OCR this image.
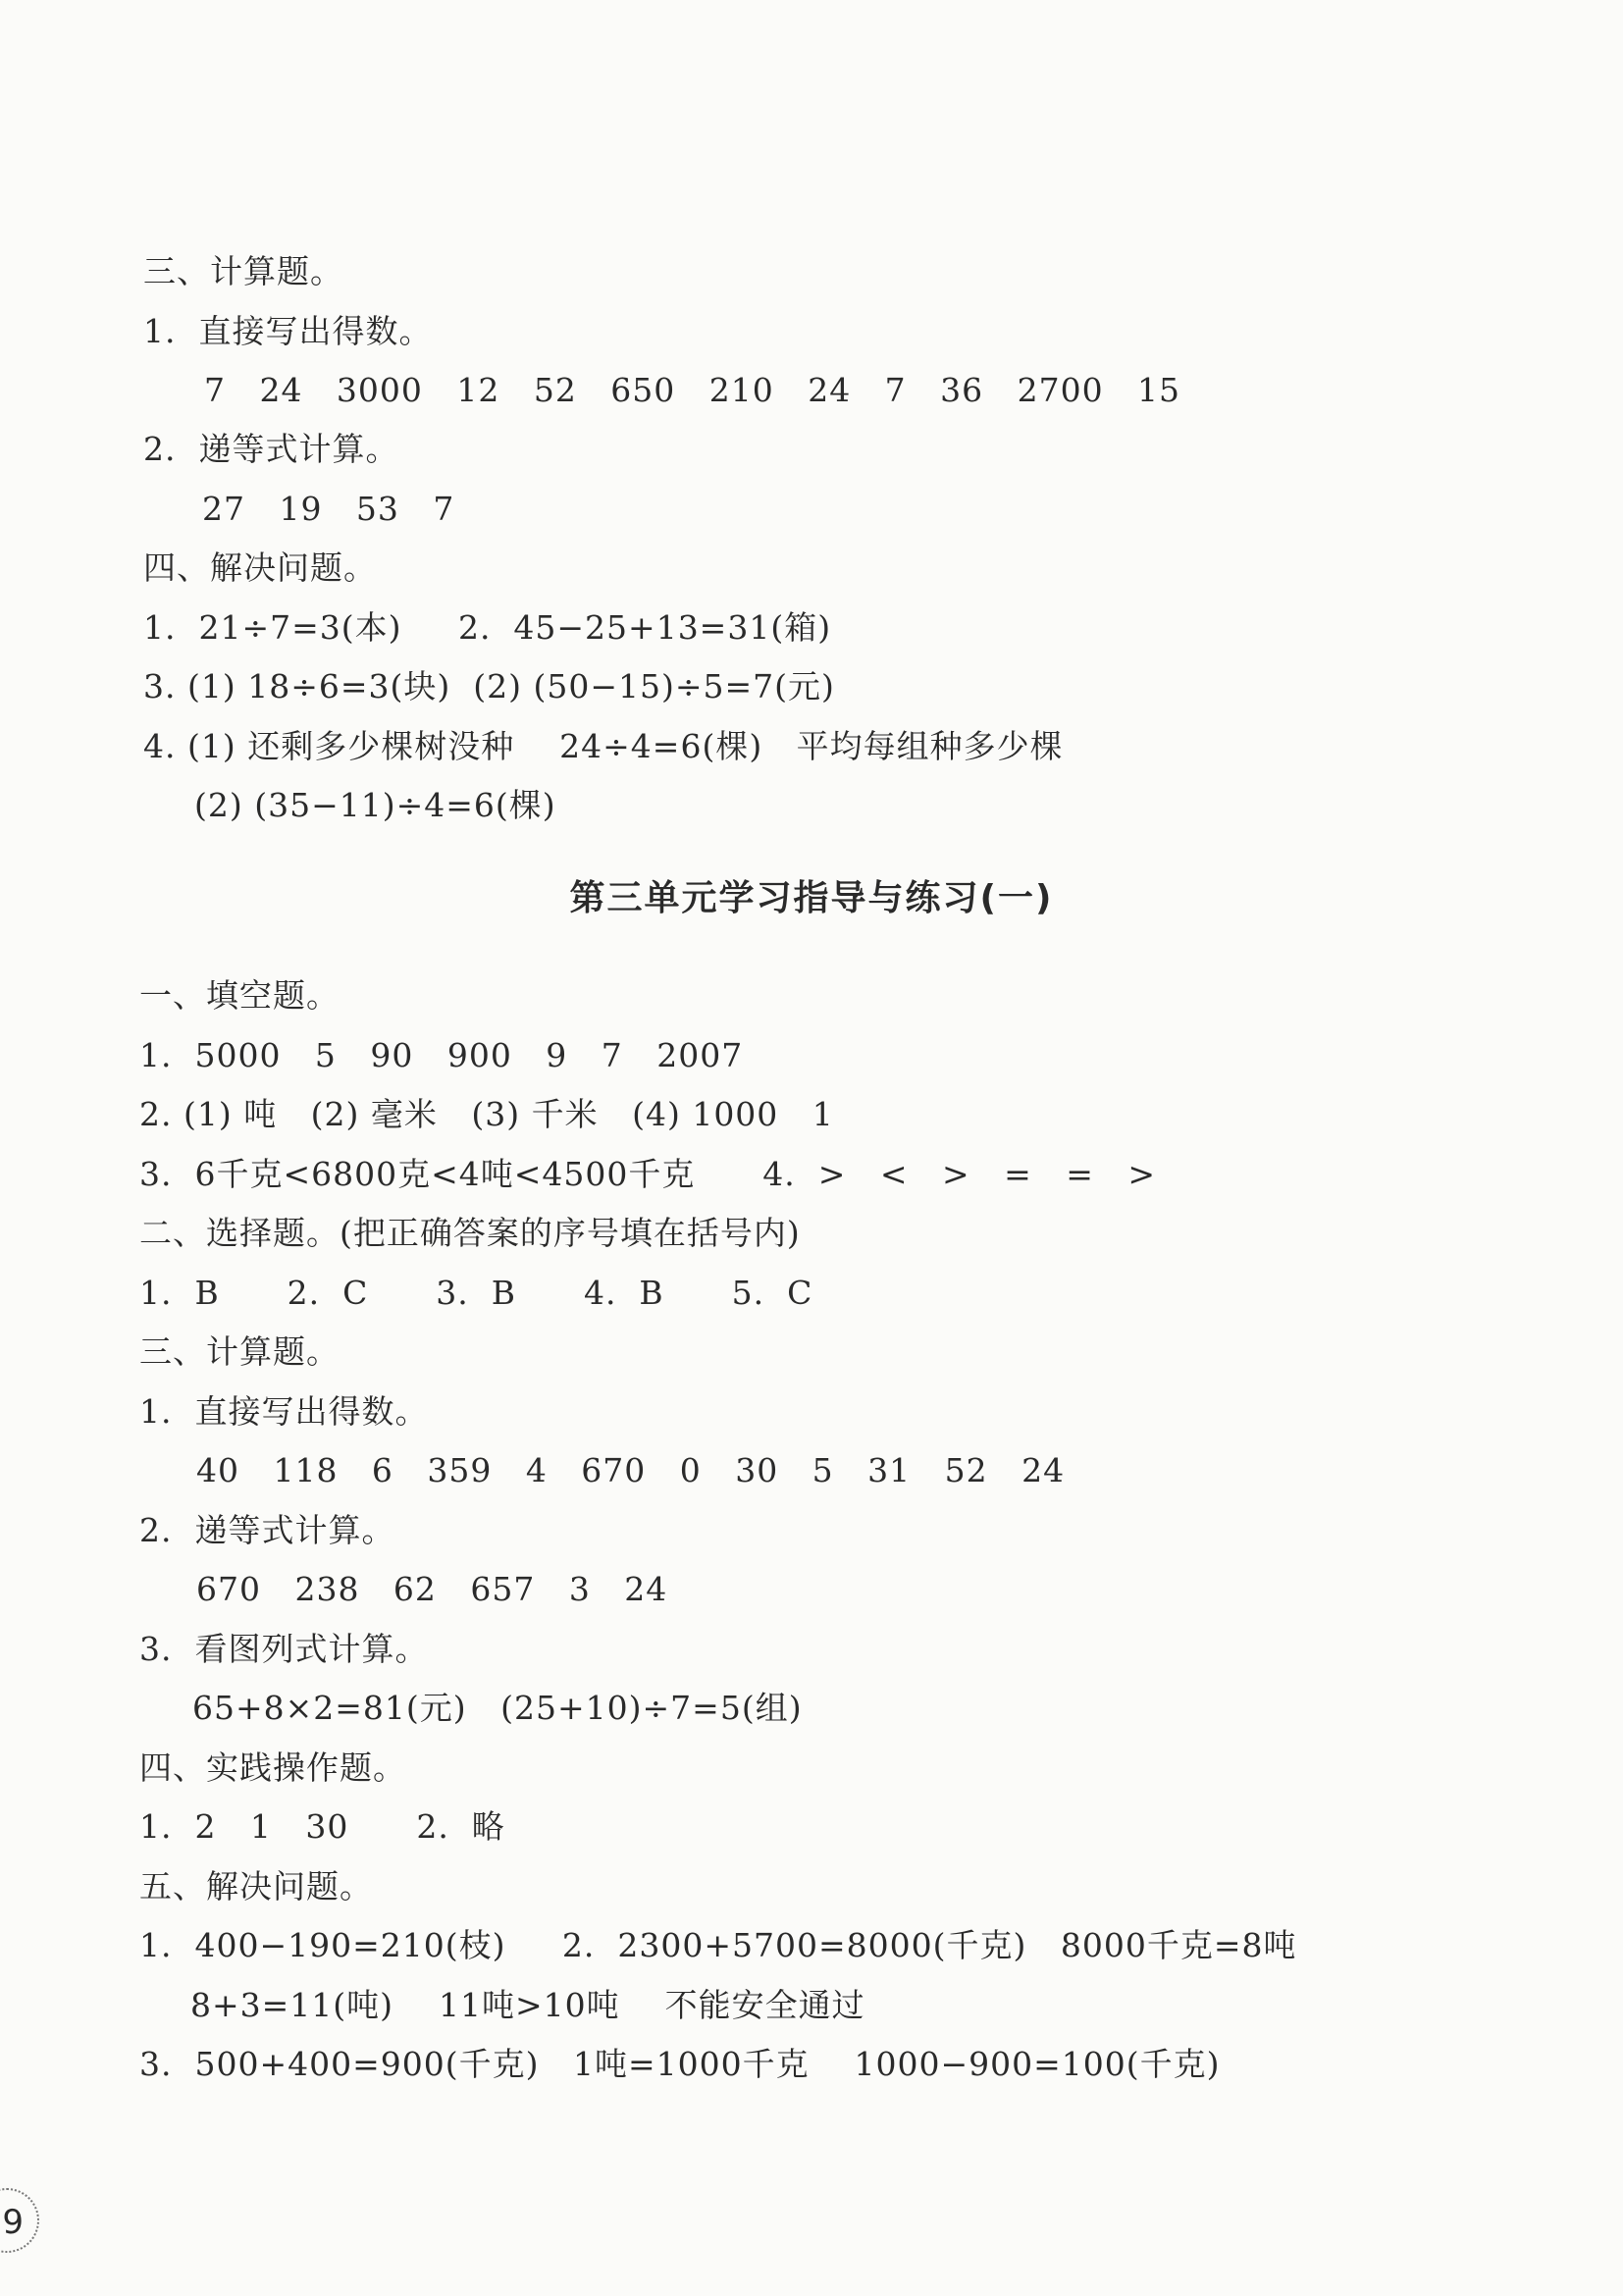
三、计算题。
1.  直接写出得数。
7   24   3000   12   52   650   210   24   7   36   2700   15
2.  递等式计算。
27   19   53   7
四、解决问题。
1.  21÷7=3(本)     2.  45−25+13=31(箱)
3. (1) 18÷6=3(块)  (2) (50−15)÷5=7(元)
4. (1) 还剩多少棵树没种    24÷4=6(棵)   平均每组种多少棵
(2) (35−11)÷4=6(棵)
第三单元学习指导与练习(一)
一、填空题。
1.  5000   5   90   900   9   7   2007
2. (1) 吨   (2) 毫米   (3) 千米   (4) 1000   1
3.  6千克<6800克<4吨<4500千克      4.  >   <   >   =   =   >
二、选择题。(把正确答案的序号填在括号内)
1.  B      2.  C      3.  B      4.  B      5.  C
三、计算题。
1.  直接写出得数。
40   118   6   359   4   670   0   30   5   31   52   24
2.  递等式计算。
670   238   62   657   3   24
3.  看图列式计算。
65+8×2=81(元)   (25+10)÷7=5(组)
四、实践操作题。
1.  2   1   30      2.  略
五、解决问题。
1.  400−190=210(枝)     2.  2300+5700=8000(千克)   8000千克=8吨
8+3=11(吨)    11吨>10吨    不能安全通过
3.  500+400=900(千克)   1吨=1000千克    1000−900=100(千克)
9
